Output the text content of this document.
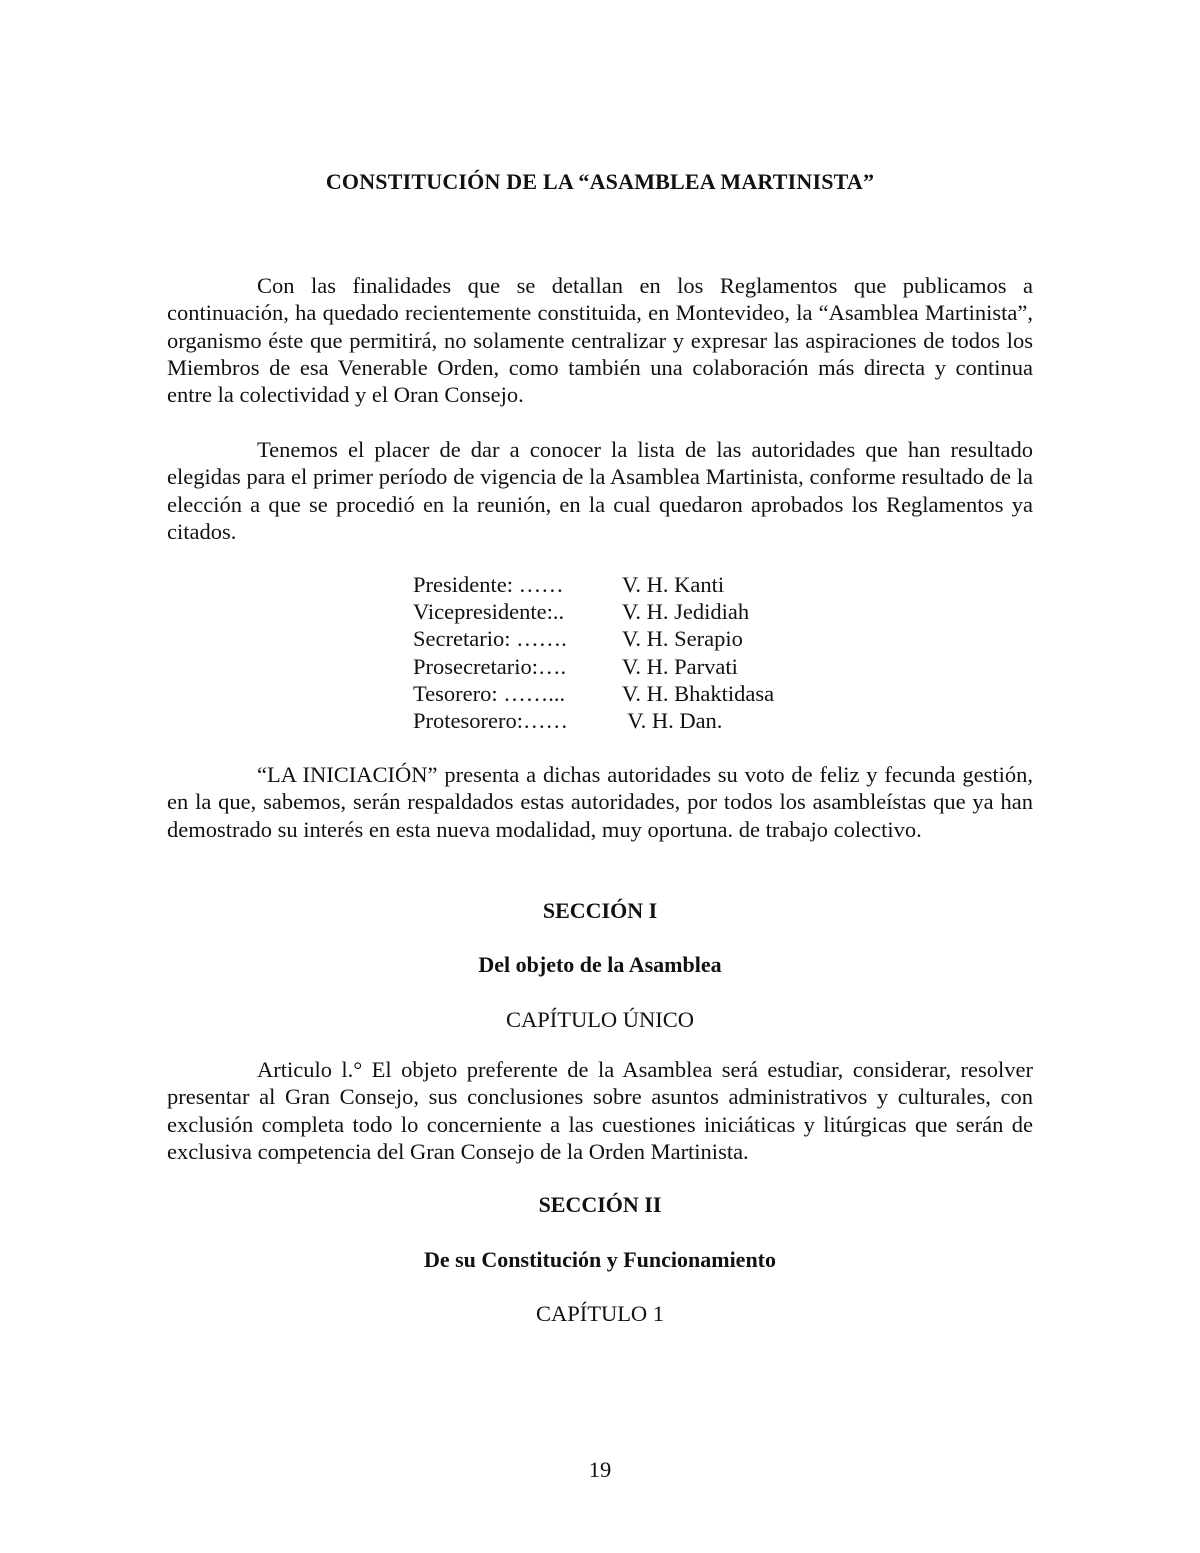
CONSTITUCIÓN DE LA “ASAMBLEA MARTINISTA”

Con las finalidades que se detallan en los Reglamentos que publicamos a continuación, ha quedado recientemente constituida, en Montevideo, la “Asamblea Martinista”, organismo éste que permitirá, no solamente centralizar y expresar las aspiraciones de todos los Miembros de esa Venerable Orden, como también una colaboración más directa y continua entre la colectividad y el Oran Consejo.

Tenemos el placer de dar a conocer la lista de las autoridades que han resultado elegidas para el primer período de vigencia de la Asamblea Martinista, conforme resultado de la elección a que se procedió en la reunión, en la cual quedaron aprobados los Reglamentos ya citados.

Presidente: ……	V. H. Kanti
Vicepresidente:..	V. H. Jedidiah
Secretario: …….	V. H. Serapio
Prosecretario:….	V. H. Parvati
Tesorero: ……...	V. H. Bhaktidasa
Protesorero:……	V. H. Dan.

“LA INICIACIÓN” presenta a dichas autoridades su voto de feliz y fecunda gestión, en la que, sabemos, serán respaldados estas autoridades, por todos los asambleístas que ya han demostrado su interés en esta nueva modalidad, muy oportuna. de trabajo colectivo.

SECCIÓN I
Del objeto de la Asamblea
CAPÍTULO ÚNICO

Articulo l.° El objeto preferente de la Asamblea será estudiar, considerar, resolver presentar al Gran Consejo, sus conclusiones sobre asuntos administrativos y culturales, con exclusión completa todo lo concerniente a las cuestiones iniciáticas y litúrgicas que serán de exclusiva competencia del Gran Consejo de la Orden Martinista.

SECCIÓN II
De su Constitución y Funcionamiento
CAPÍTULO 1
19
